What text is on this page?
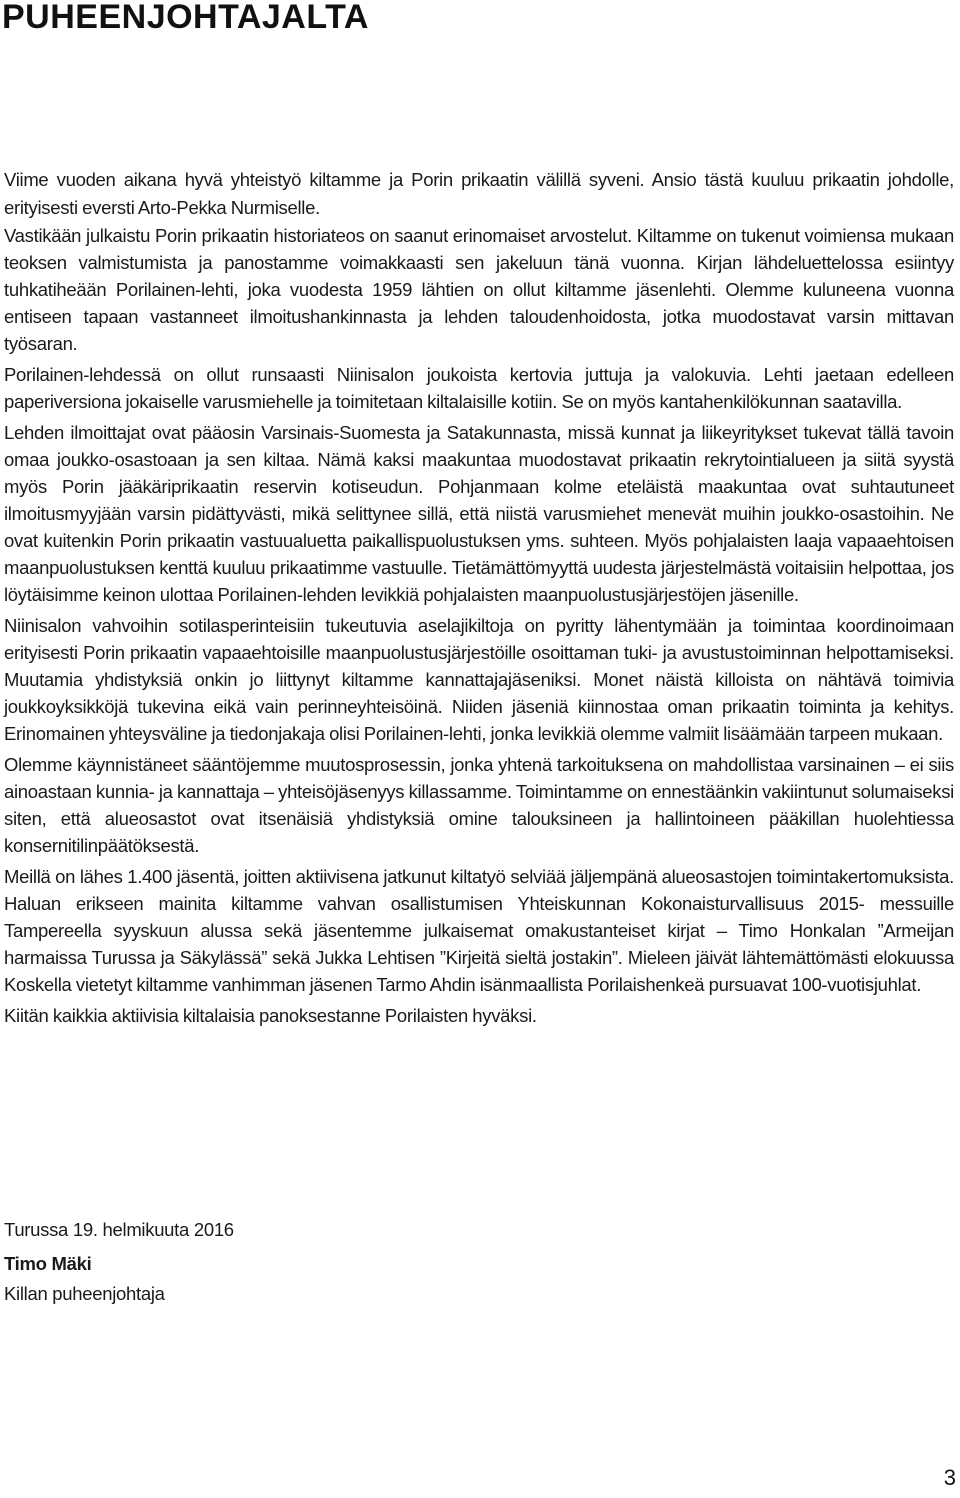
PUHEENJOHTAJALTA

Viime vuoden aikana hyvä yhteistyö kiltamme ja Porin prikaatin välillä syveni. Ansio tästä kuuluu prikaatin johdolle, erityisesti eversti Arto-Pekka Nurmiselle.

Vastikään julkaistu Porin prikaatin historiateos on saanut erinomaiset arvostelut. Kiltamme on tukenut voimiensa mukaan teoksen valmistumista ja panostamme voimakkaasti sen jakeluun tänä vuonna. Kirjan lähdeluettelossa esiintyy tuhkatiheään Porilainen-lehti, joka vuodesta 1959 lähtien on ollut kiltamme jäsenlehti. Olemme kuluneena vuonna entiseen tapaan vastanneet ilmoitushankinnasta ja lehden taloudenhoidosta, jotka muodostavat varsin mittavan työsaran.

Porilainen-lehdessä on ollut runsaasti Niinisalon joukoista kertovia juttuja ja valokuvia. Lehti jaetaan edelleen paperiversiona jokaiselle varusmiehelle ja toimitetaan kiltalaisille kotiin. Se on myös kantahenkilökunnan saatavilla.

Lehden ilmoittajat ovat pääosin Varsinais-Suomesta ja Satakunnasta, missä kunnat ja liikeyritykset tukevat tällä tavoin omaa joukko-osastoaan ja sen kiltaa. Nämä kaksi maakuntaa muodostavat prikaatin rekrytointialueen ja siitä syystä myös Porin jääkäriprikaatin reservin kotiseudun. Pohjanmaan kolme eteläistä maakuntaa ovat suhtautuneet ilmoitusmyyjään varsin pidättyvästi, mikä selittynee sillä, että niistä varusmiehet menevät muihin joukko-osastoihin. Ne ovat kuitenkin Porin prikaatin vastuualuetta paikallispuolustuksen yms. suhteen. Myös pohjalaisten laaja vapaaehtoisen maanpuolustuksen kenttä kuuluu prikaatimme vastuulle. Tietämättömyyttä uudesta järjestelmästä voitaisiin helpottaa, jos löytäisimme keinon ulottaa Porilainen-lehden levikkiä pohjalaisten maanpuolustusjärjestöjen jäsenille.

Niinisalon vahvoihin sotilasperinteisiin tukeutuvia aselajikiltoja on pyritty lähentymään ja toimintaa koordinoimaan erityisesti Porin prikaatin vapaaehtoisille maanpuolustusjärjestöille osoittaman tuki- ja avustustoiminnan helpottamiseksi. Muutamia yhdistyksiä onkin jo liittynyt kiltamme kannattajajäseniksi. Monet näistä killoista on nähtävä toimivia joukkoyksikköjä tukevina eikä vain perinneyhteisöinä. Niiden jäseniä kiinnostaa oman prikaatin toiminta ja kehitys. Erinomainen yhteysväline ja tiedonjakaja olisi Porilainen-lehti, jonka levikkiä olemme valmiit lisäämään tarpeen mukaan.

Olemme käynnistäneet sääntöjemme muutosprosessin, jonka yhtenä tarkoituksena on mahdollistaa varsinainen – ei siis ainoastaan kunnia- ja kannattaja – yhteisöjäsenyys killassamme. Toimintamme on ennestäänkin vakiintunut solumaiseksi siten, että alueosastot ovat itsenäisiä yhdistyksiä omine talouksineen ja hallintoineen pääkillan huolehtiessa konsernitilinpäätöksestä.

Meillä on lähes 1.400 jäsentä, joitten aktiivisena jatkunut kiltatyö selviää jäljempänä alueosastojen toimintakertomuksista. Haluan erikseen mainita kiltamme vahvan osallistumisen Yhteiskunnan Kokonaisturvallisuus 2015- messuille Tampereella syyskuun alussa sekä jäsentemme julkaisemat omakustanteiset kirjat – Timo Honkalan ”Armeijan harmaissa Turussa ja Säkylässä” sekä Jukka Lehtisen ”Kirjeitä sieltä jostakin”. Mieleen jäivät lähtemättömästi elokuussa Koskella vietetyt kiltamme vanhimman jäsenen Tarmo Ahdin isänmaallista Porilaishenkeä pursuavat 100-vuotisjuhlat.

Kiitän kaikkia aktiivisia kiltalaisia panoksestanne Porilaisten hyväksi.

Turussa 19. helmikuuta 2016
Timo Mäki
Killan puheenjohtaja
3
